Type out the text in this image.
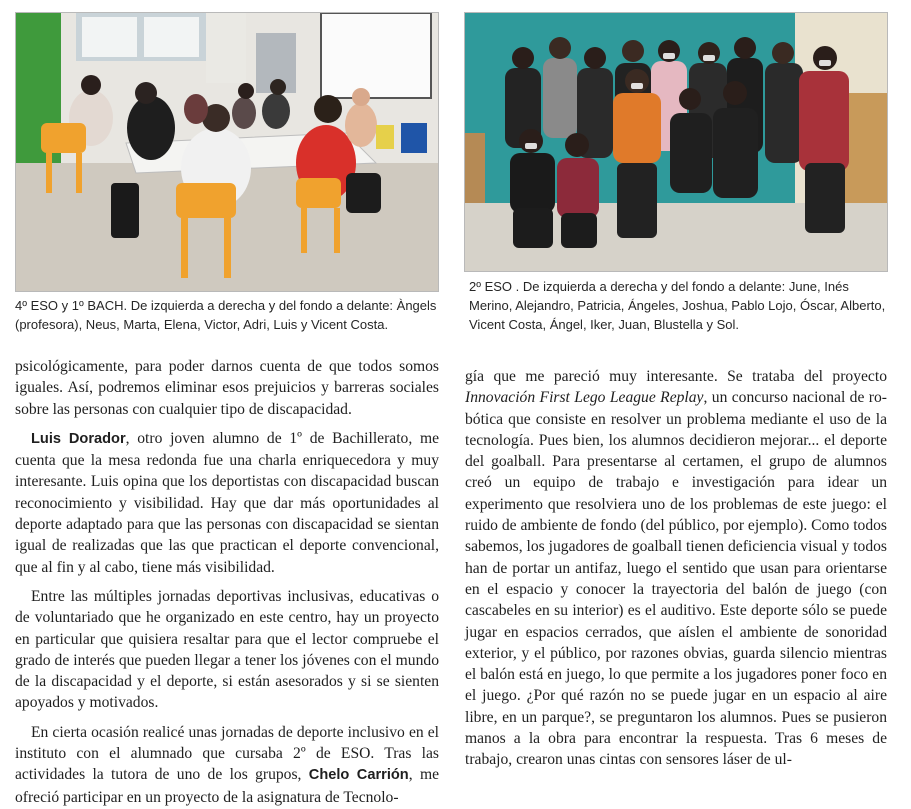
4º ESO y 1º BACH. De izquierda a derecha y del fondo a delante: Àngels (profesora), Neus, Marta, Elena, Victor, Adri, Luis y Vicent Costa.

2º ESO . De izquierda a derecha y del fondo a delante: June, Inés Merino, Alejandro, Patricia, Ángeles, Joshua, Pablo Lojo, Óscar, Alberto, Vicent Costa, Ángel, Iker, Juan, Blustella y Sol.

psicológicamente, para poder darnos cuenta de que todos somos iguales. Así, podremos eliminar esos prejuicios y barreras sociales sobre las personas con cualquier tipo de discapacidad.

Luis Dorador, otro joven alumno de 1º de Bachillerato, me cuenta que la mesa redonda fue una charla enriquecedora y muy interesante. Luis opina que los deportistas con discapacidad buscan reconocimiento y visibilidad. Hay que dar más oportunidades al deporte adaptado para que las personas con discapacidad se sientan igual de realizadas que las que practican el deporte convencional, que al fin y al cabo, tiene más visibilidad.

Entre las múltiples jornadas deportivas inclusivas, educativas o de voluntariado que he organizado en este centro, hay un proyecto en particular que quisiera resaltar para que el lector compruebe el grado de interés que pueden llegar a tener los jóvenes con el mundo de la discapacidad y el deporte, si están asesorados y si se sienten apoyados y motivados.

En cierta ocasión realicé unas jornadas de deporte inclusivo en el instituto con el alumnado que cursaba 2º de ESO. Tras las actividades la tutora de uno de los grupos, Chelo Carrión, me ofreció participar en un proyecto de la asignatura de Tecnolo-

gía que me pareció muy interesante. Se trataba del proyecto Innovación First Lego League Replay, un concurso nacional de robótica que consiste en resolver un problema mediante el uso de la tecnología. Pues bien, los alumnos decidieron mejorar... el deporte del goalball. Para presentarse al certamen, el grupo de alumnos creó un equipo de trabajo e investigación para idear un experimento que resolviera uno de los problemas de este juego: el ruido de ambiente de fondo (del público, por ejemplo). Como todos sabemos, los jugadores de goalball tienen deficiencia visual y todos han de portar un antifaz, luego el sentido que usan para orientarse en el espacio y conocer la trayectoria del balón de juego (con cascabeles en su interior) es el auditivo. Este deporte sólo se puede jugar en espacios cerrados, que aíslen el ambiente de sonoridad exterior, y el público, por razones obvias, guarda silencio mientras el balón está en juego, lo que permite a los jugadores poner foco en el juego. ¿Por qué razón no se puede jugar en un espacio al aire libre, en un parque?, se preguntaron los alumnos. Pues se pusieron manos a la obra para encontrar la respuesta. Tras 6 meses de trabajo, crearon unas cintas con sensores láser de ul-
